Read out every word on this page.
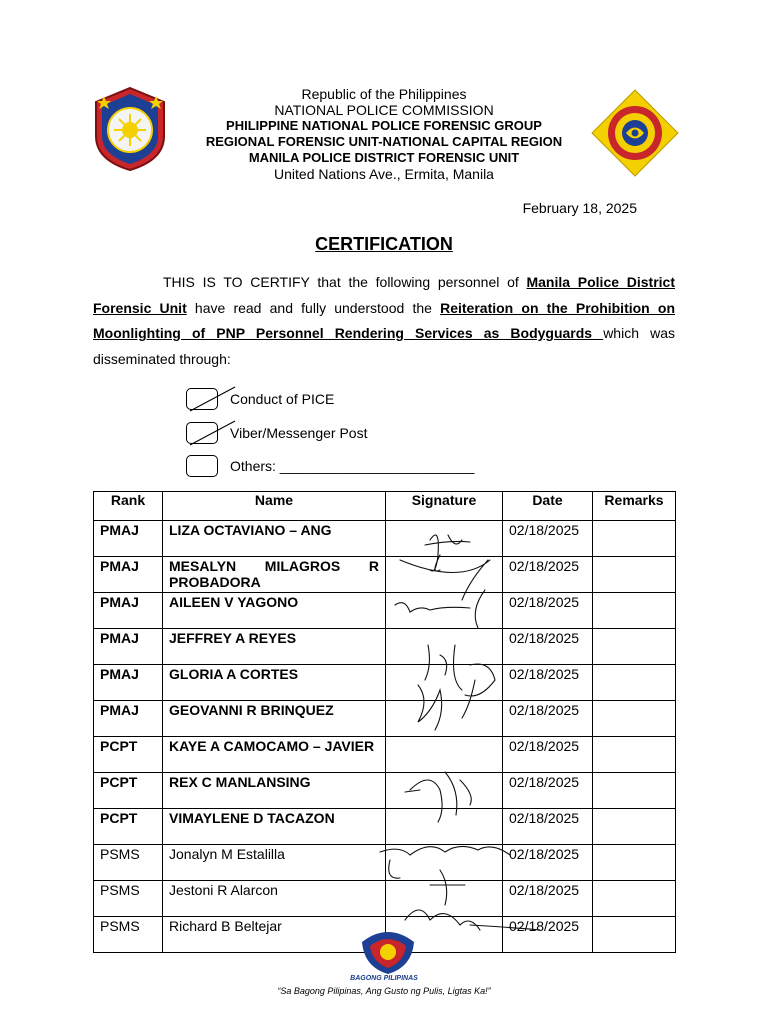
Republic of the Philippines
NATIONAL POLICE COMMISSION
PHILIPPINE NATIONAL POLICE FORENSIC GROUP
REGIONAL FORENSIC UNIT-NATIONAL CAPITAL REGION
MANILA POLICE DISTRICT FORENSIC UNIT
United Nations Ave., Ermita, Manila
February 18, 2025
CERTIFICATION
THIS IS TO CERTIFY that the following personnel of Manila Police District Forensic Unit have read and fully understood the Reiteration on the Prohibition on Moonlighting of PNP Personnel Rendering Services as Bodyguards which was disseminated through:
Conduct of PICE
Viber/Messenger Post
Others: _________________________
Rank	Name	Signature	Date	Remarks
PMAJ	LIZA OCTAVIANO – ANG		02/18/2025	
PMAJ	MESALYN MILAGROS R PROBADORA		02/18/2025	
PMAJ	AILEEN V YAGONO		02/18/2025	
PMAJ	JEFFREY A REYES		02/18/2025	
PMAJ	GLORIA A CORTES		02/18/2025	
PMAJ	GEOVANNI R BRINQUEZ		02/18/2025	
PCPT	KAYE A CAMOCAMO – JAVIER		02/18/2025	
PCPT	REX C MANLANSING		02/18/2025	
PCPT	VIMAYLENE D TACAZON		02/18/2025	
PSMS	Jonalyn M Estalilla		02/18/2025	
PSMS	Jestoni R Alarcon		02/18/2025	
PSMS	Richard B Beltejar		02/18/2025	
BAGONG PILIPINAS
“Sa Bagong Pilipinas, Ang Gusto ng Pulis, Ligtas Ka!”
